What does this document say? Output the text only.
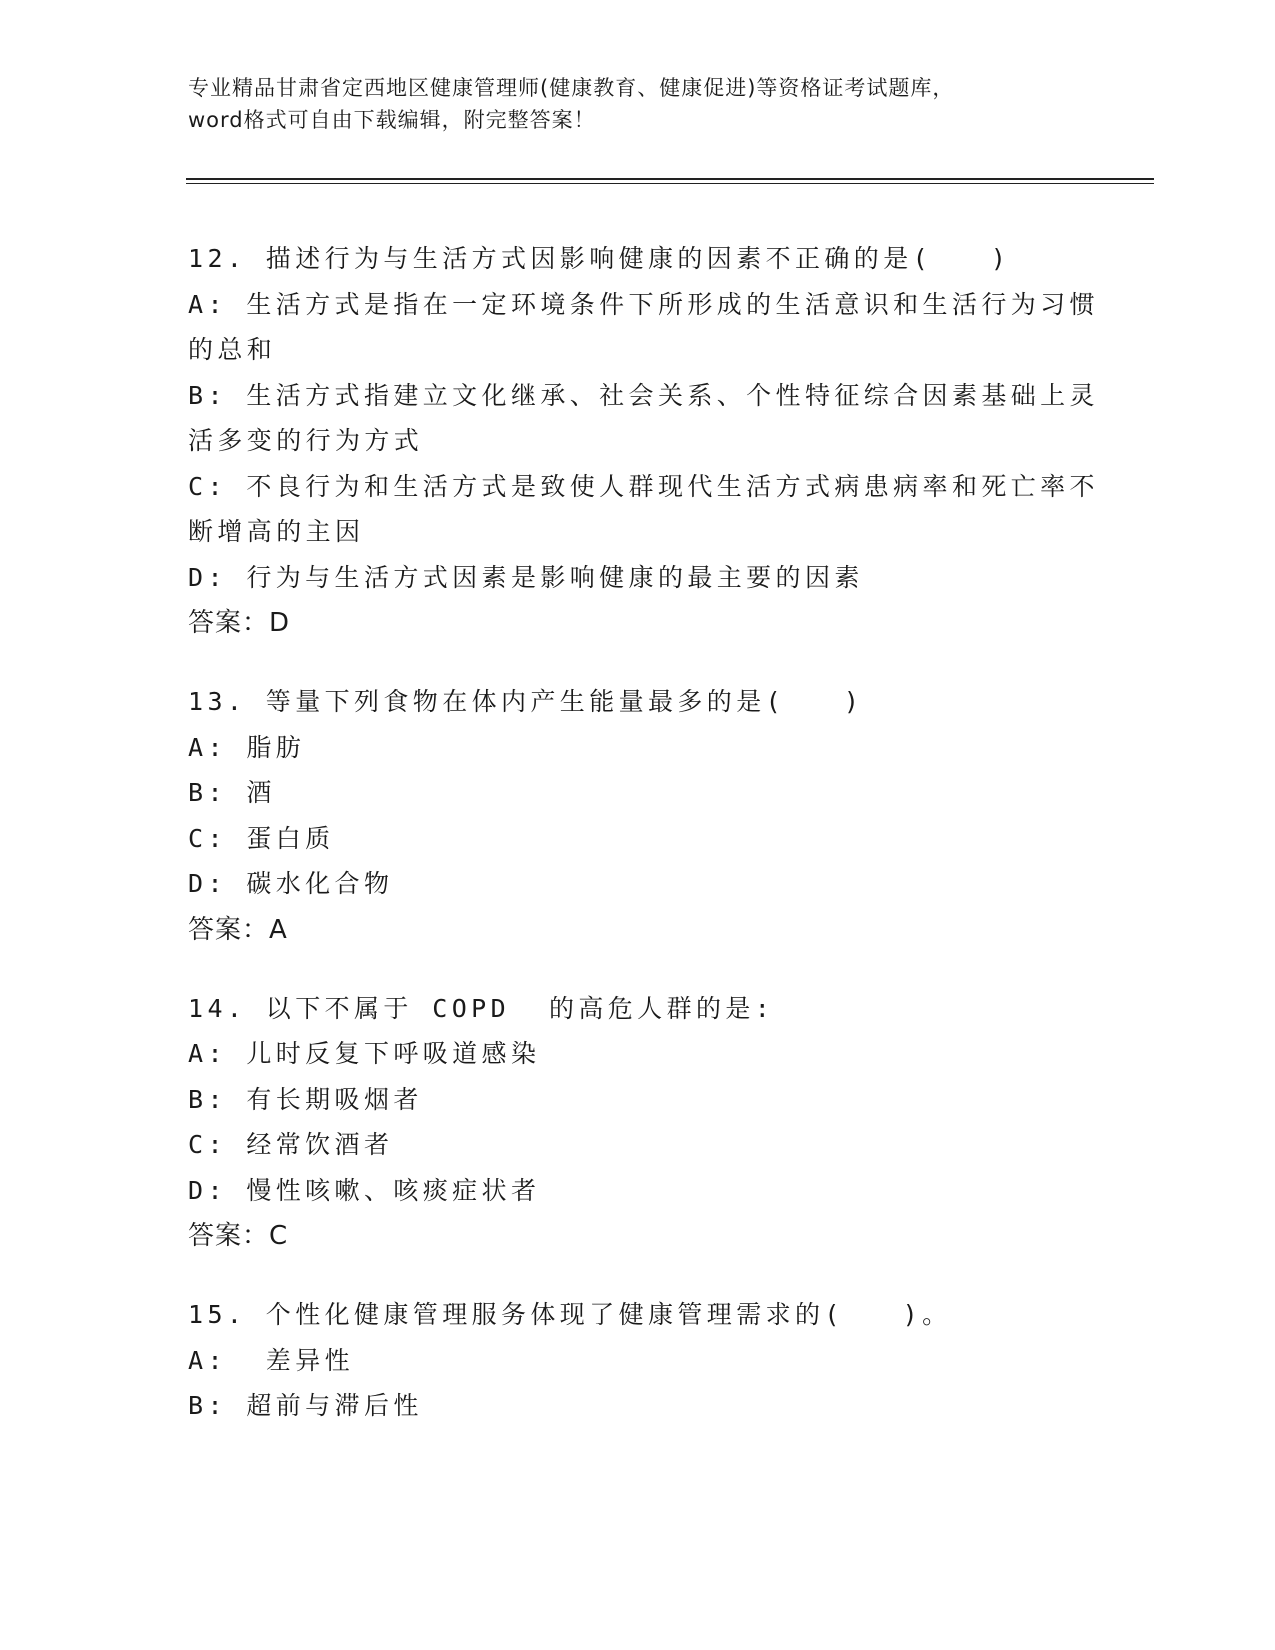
专业精品甘肃省定西地区健康管理师(健康教育、健康促进)等资格证考试题库，
word格式可自由下载编辑，附完整答案！
12. 描述行为与生活方式因影响健康的因素不正确的是(　　)
A: 生活方式是指在一定环境条件下所形成的生活意识和生活行为习惯
的总和
B: 生活方式指建立文化继承、社会关系、个性特征综合因素基础上灵
活多变的行为方式
C: 不良行为和生活方式是致使人群现代生活方式病患病率和死亡率不
断增高的主因
D: 行为与生活方式因素是影响健康的最主要的因素
答案：D
13. 等量下列食物在体内产生能量最多的是(　　)
A: 脂肪
B: 酒
C: 蛋白质
D: 碳水化合物
答案：A
14. 以下不属于 COPD  的高危人群的是:
A: 儿时反复下呼吸道感染
B: 有长期吸烟者
C: 经常饮酒者
D: 慢性咳嗽、咳痰症状者
答案：C
15. 个性化健康管理服务体现了健康管理需求的(　　)。
A:  差异性
B: 超前与滞后性
